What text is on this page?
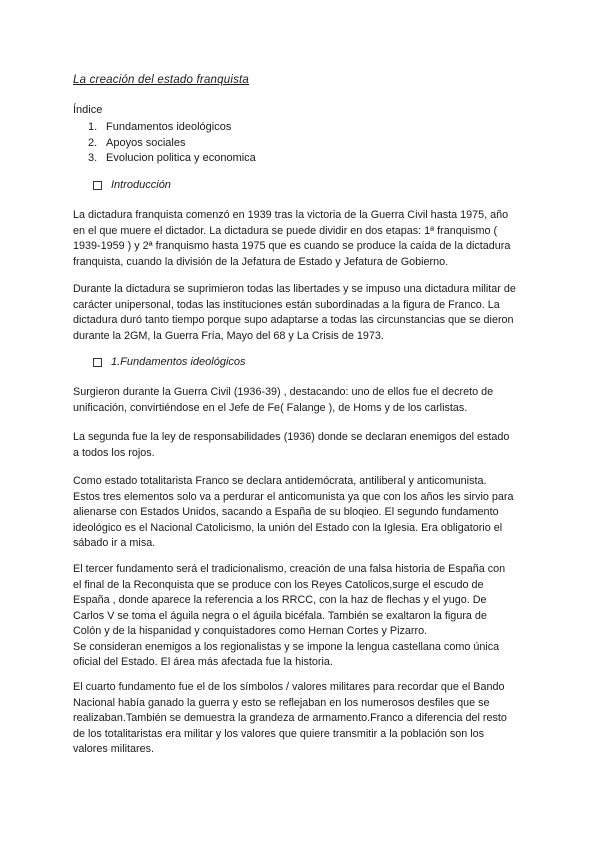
La creación del estado franquista
Índice
1. Fundamentos ideológicos
2. Apoyos sociales
3. Evolucion politica y economica
Introducción
La dictadura franquista comenzó en 1939 tras la victoria de la Guerra Civil hasta 1975, año
en el que muere el dictador. La dictadura se puede dividir en dos etapas: 1ª franquismo (
1939-1959 ) y 2ª franquismo hasta 1975 que es cuando se produce la caída de la dictadura
franquista, cuando la división de la Jefatura de Estado y Jefatura de Gobierno.
Durante la dictadura se suprimieron todas las libertades y se impuso una dictadura militar de
carácter unipersonal, todas las instituciones están subordinadas a la figura de Franco. La
dictadura duró tanto tiempo porque supo adaptarse a todas las circunstancias que se dieron
durante la 2GM, la Guerra Fría, Mayo del 68 y La Crisis de 1973.
1.Fundamentos ideológicos
Surgieron durante la Guerra Civil (1936-39) , destacando: uno de ellos fue el decreto de
unificación, convirtiéndose en el Jefe de Fe( Falange ), de Homs y de los carlistas.
La segunda fue la ley de responsabilidades (1936) donde se declaran enemigos del estado
a todos los rojos.
Como estado totalitarista Franco se declara antidemócrata, antiliberal y anticomunista.
Estos tres elementos solo va a perdurar el anticomunista ya que con los años les sirvio para
alienarse con Estados Unidos, sacando a España de su bloqieo. El segundo fundamento
ideológico es el Nacional Catolicismo, la unión del Estado con la Iglesia. Era obligatorio el
sábado ir a misa.
El tercer fundamento será el tradicionalismo, creación de una falsa historia de España con
el final de la Reconquista que se produce con los Reyes Catolicos,surge el escudo de
España , donde aparece la referencia a los RRCC, con la haz de flechas y el yugo. De
Carlos V se toma el águila negra o el águila bicéfala. También se exaltaron la figura de
Colón y de la hispanidad y conquistadores como Hernan Cortes y Pizarro.
Se consideran enemigos a los regionalistas y se impone la lengua castellana como única
oficial del Estado. El área más afectada fue la historia.
El cuarto fundamento fue el de los símbolos / valores militares para recordar que el Bando
Nacional había ganado la guerra y esto se reflejaban en los numerosos desfiles que se
realizaban.También se demuestra la grandeza de armamento.Franco a diferencia del resto
de los totalitaristas era militar y los valores que quiere transmitir a la población son los
valores militares.
